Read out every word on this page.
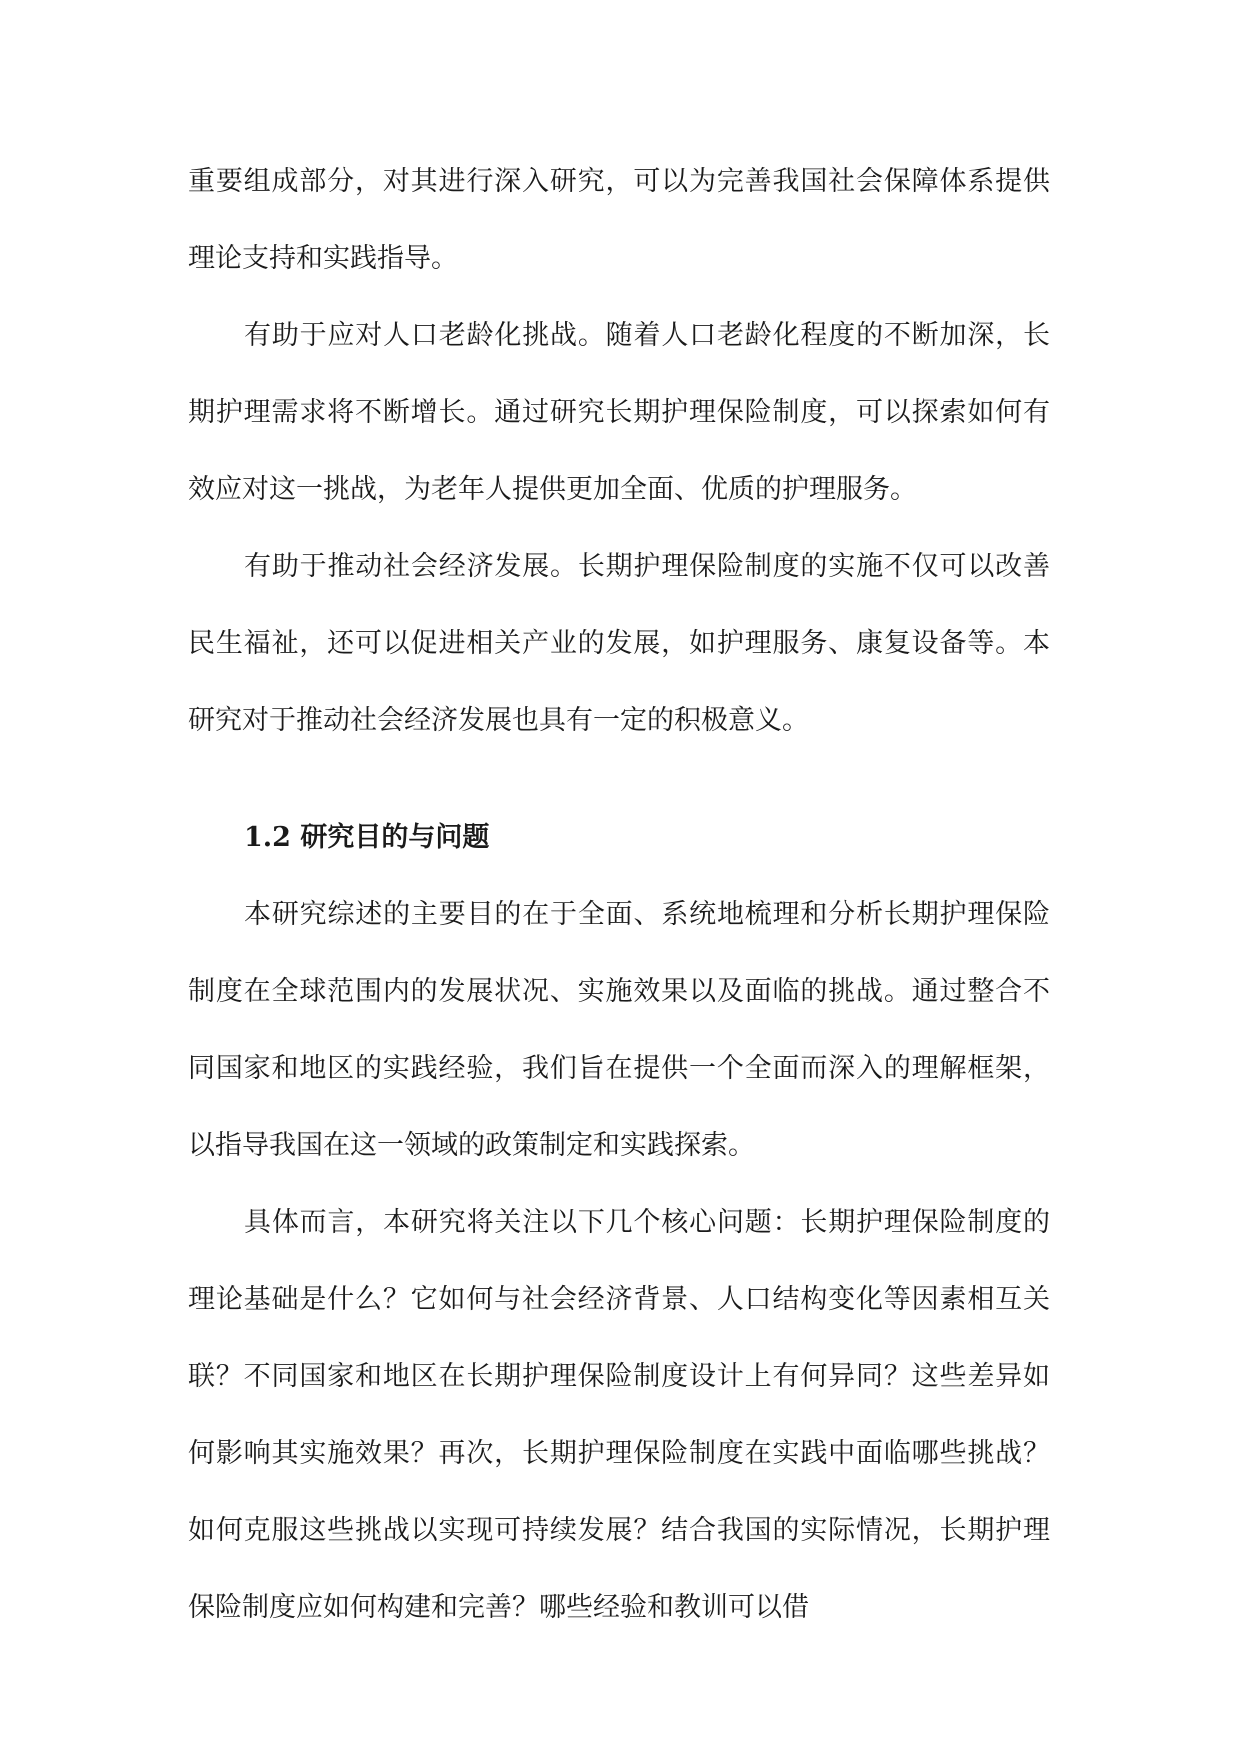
重要组成部分，对其进行深入研究，可以为完善我国社会保障体系提供理论支持和实践指导。

有助于应对人口老龄化挑战。随着人口老龄化程度的不断加深，长期护理需求将不断增长。通过研究长期护理保险制度，可以探索如何有效应对这一挑战，为老年人提供更加全面、优质的护理服务。

有助于推动社会经济发展。长期护理保险制度的实施不仅可以改善民生福祉，还可以促进相关产业的发展，如护理服务、康复设备等。本研究对于推动社会经济发展也具有一定的积极意义。

1.2 研究目的与问题

本研究综述的主要目的在于全面、系统地梳理和分析长期护理保险制度在全球范围内的发展状况、实施效果以及面临的挑战。通过整合不同国家和地区的实践经验，我们旨在提供一个全面而深入的理解框架，以指导我国在这一领域的政策制定和实践探索。

具体而言，本研究将关注以下几个核心问题：长期护理保险制度的理论基础是什么？它如何与社会经济背景、人口结构变化等因素相互关联？不同国家和地区在长期护理保险制度设计上有何异同？这些差异如何影响其实施效果？再次，长期护理保险制度在实践中面临哪些挑战？如何克服这些挑战以实现可持续发展？结合我国的实际情况，长期护理保险制度应如何构建和完善？哪些经验和教训可以借
